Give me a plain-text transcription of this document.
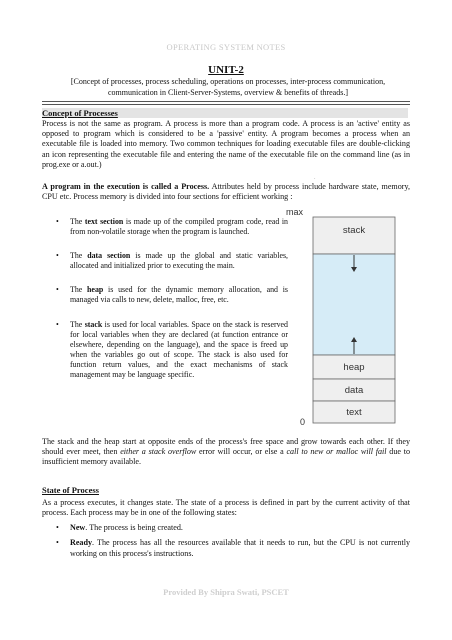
OPERATING SYSTEM NOTES
UNIT-2
[Concept of processes, process scheduling, operations on processes, inter-process communication, communication in Client-Server-Systems, overview & benefits of threads.]
Concept of Processes
Process is not the same as program. A process is more than a program code. A process is an 'active' entity as opposed to program which is considered to be a 'passive' entity. A program becomes a process when an executable file is loaded into memory. Two common techniques for loading executable files are double-clicking an icon representing the executable file and entering the name of the executable file on the command line (as in prog.exe or a.out.)
A program in the execution is called a Process. Attributes held by process include hardware state, memory, CPU etc. Process memory is divided into four sections for efficient working :
.
• The text section is made up of the compiled program code, read in from non-volatile storage when the program is launched.
• The data section is made up the global and static variables, allocated and initialized prior to executing the main.
• The heap is used for the dynamic memory allocation, and is managed via calls to new, delete, malloc, free, etc.
• The stack is used for local variables. Space on the stack is reserved for local variables when they are declared (at function entrance or elsewhere, depending on the language), and the space is freed up when the variables go out of scope. The stack is also used for function return values, and the exact mechanisms of stack management may be language specific.
max
stack
heap
data
text
0
The stack and the heap start at opposite ends of the process's free space and grow towards each other. If they should ever meet, then either a stack overflow error will occur, or else a call to new or malloc will fail due to insufficient memory available.
State of Process
As a process executes, it changes state. The state of a process is defined in part by the current activity of that process. Each process may be in one of the following states:
• New. The process is being created.
• Ready. The process has all the resources available that it needs to run, but the CPU is not currently working on this process's instructions.
Provided By Shipra Swati, PSCET
